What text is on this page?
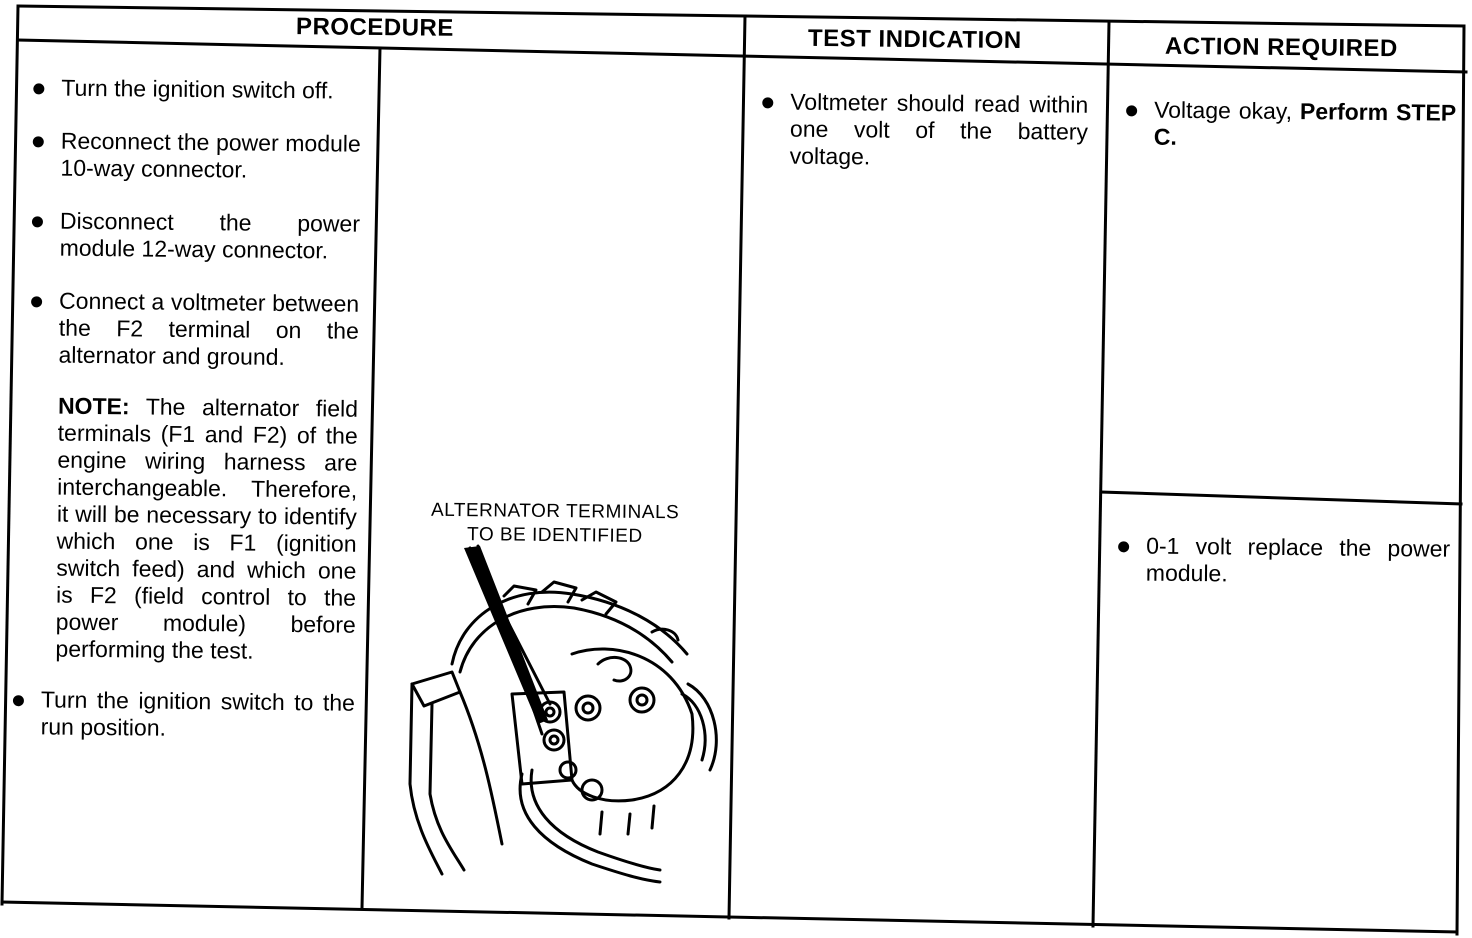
PROCEDURE	TEST INDICATION	ACTION REQUIRED
Turn the ignition switch off.
Reconnect the power module 10-way connector.
Disconnect the power module 12-way connector.
Connect a voltmeter between the F2 terminal on the alternator and ground.
NOTE: The alternator field terminals (F1 and F2) of the engine wiring harness are interchangeable. Therefore, it will be necessary to identify which one is F1 (ignition switch feed) and which one is F2 (field control to the power module) before performing the test.
Turn the ignition switch to the run position.
ALTERNATOR TERMINALS
TO BE IDENTIFIED
Voltmeter should read within one volt of the battery voltage.
Voltage okay, Perform STEP C.
0-1 volt replace the power module.
